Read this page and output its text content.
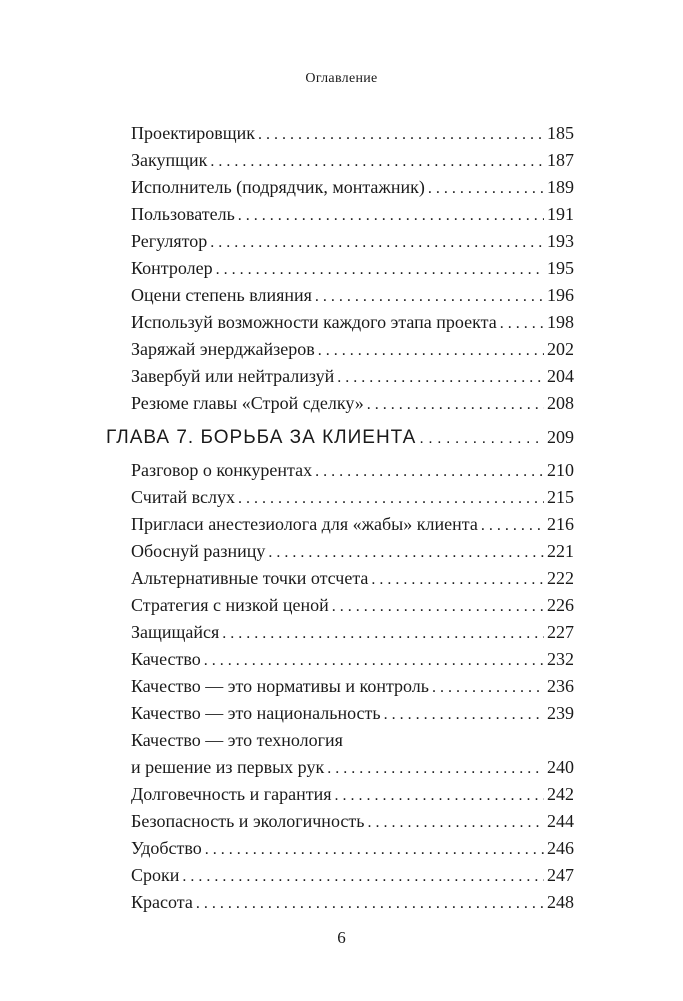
Оглавление
Проектировщик . . .	185
Закупщик . . .	187
Исполнитель (подрядчик, монтажник) . . .	189
Пользователь . . .	191
Регулятор . . .	193
Контролер . . .	195
Оцени степень влияния . . .	196
Используй возможности каждого этапа проекта . . .	198
Заряжай энерджайзеров . . .	202
Завербуй или нейтрализуй . . .	204
Резюме главы «Строй сделку» . . .	208
ГЛАВА 7. БОРЬБА ЗА КЛИЕНТА . . .	209
Разговор о конкурентах . . .	210
Считай вслух . . .	215
Пригласи анестезиолога для «жабы» клиента . . .	216
Обоснуй разницу . . .	221
Альтернативные точки отсчета . . .	222
Стратегия с низкой ценой . . .	226
Защищайся . . .	227
Качество . . .	232
Качество — это нормативы и контроль . . .	236
Качество — это национальность . . .	239
Качество — это технология
и решение из первых рук . . .	240
Долговечность и гарантия . . .	242
Безопасность и экологичность . . .	244
Удобство . . .	246
Сроки . . .	247
Красота . . .	248
6
